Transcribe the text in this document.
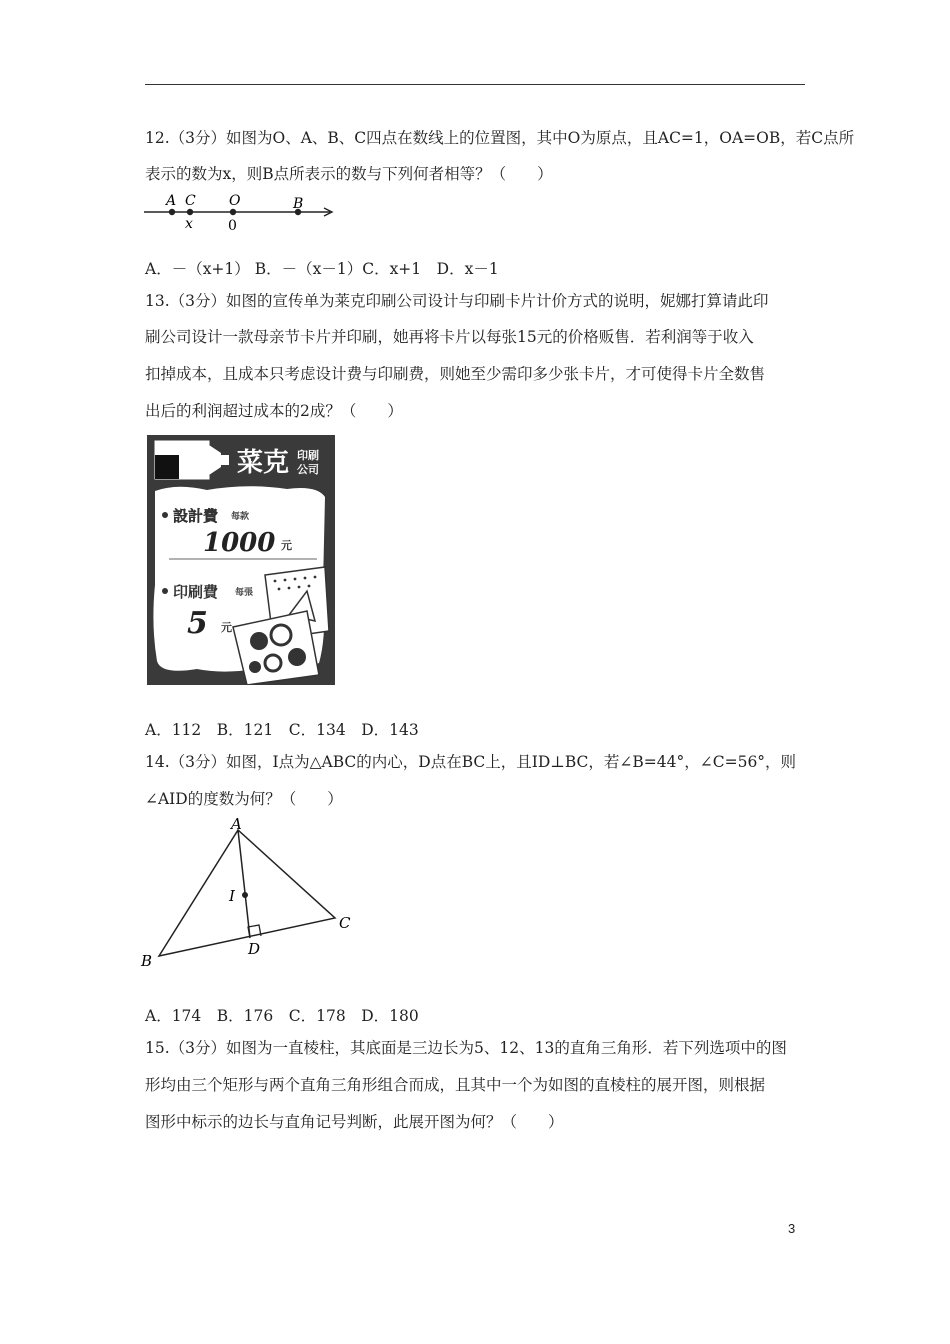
12.（3分）如图为O、A、B、C四点在数线上的位置图，其中O为原点，且AC=1，OA=OB，若C点所
表示的数为x，则B点所表示的数与下列何者相等？（　　）
A C O	B
x	0
A．－（x+1） B．－（x－1）C．x+1　D．x－1
13.（3分）如图的宣传单为莱克印刷公司设计与印刷卡片计价方式的说明，妮娜打算请此印
刷公司设计一款母亲节卡片并印刷，她再将卡片以每张15元的价格贩售．若利润等于收入
扣掉成本，且成本只考虑设计费与印刷费，则她至少需印多少张卡片，才可使得卡片全数售
出后的利润超过成本的2成？（　　）
菜克 印刷
公司
設計費 每款
1000 元
印刷費 每張
5 元
A．112　B．121　C．134　D．143
14.（3分）如图，I点为△ABC的内心，D点在BC上，且ID⊥BC，若∠B=44°，∠C=56°，则
∠AID的度数为何？（　　）
A
B
C
D
I
A．174　B．176　C．178　D．180
15.（3分）如图为一直棱柱，其底面是三边长为5、12、13的直角三角形．若下列选项中的图
形均由三个矩形与两个直角三角形组合而成，且其中一个为如图的直棱柱的展开图，则根据
图形中标示的边长与直角记号判断，此展开图为何？（　　）
3
